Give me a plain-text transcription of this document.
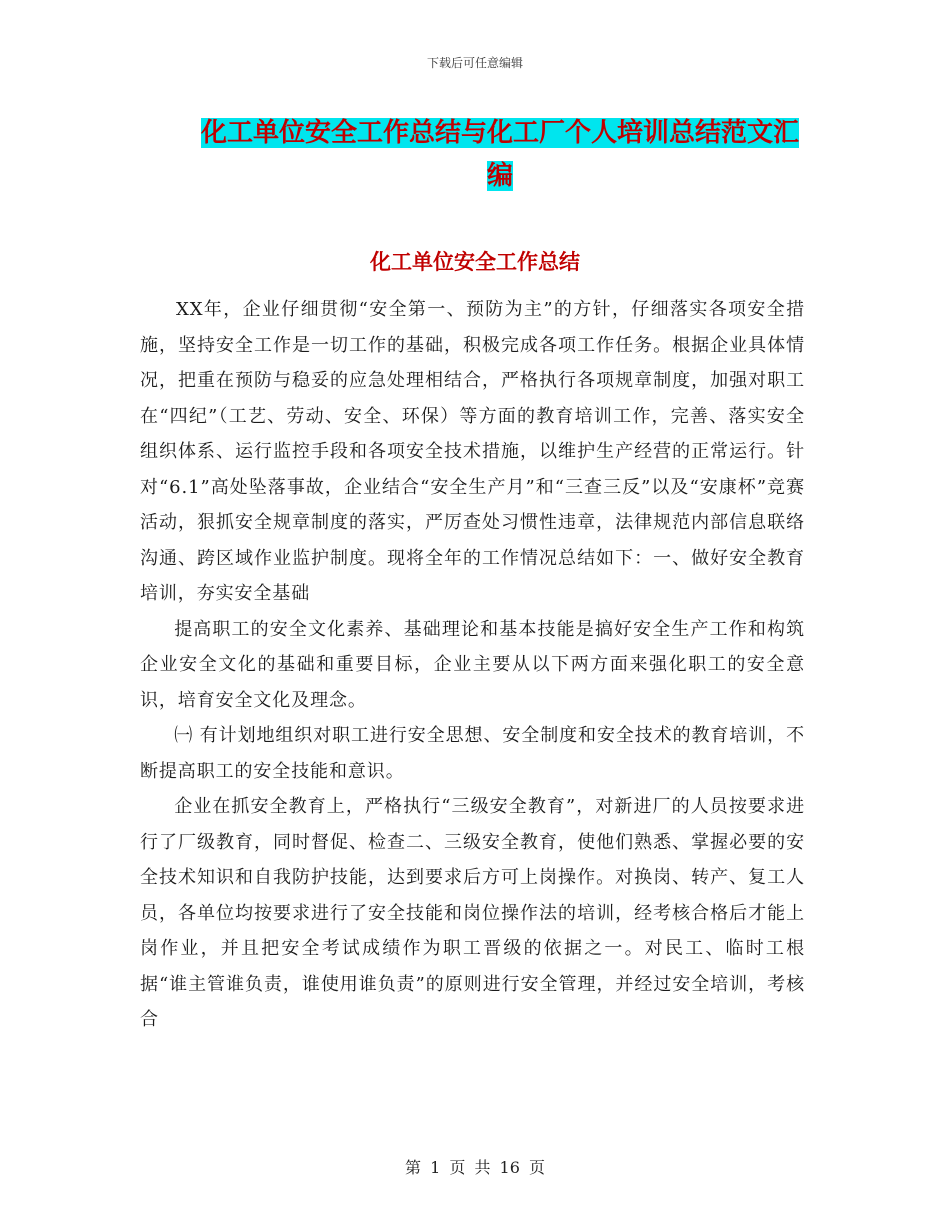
下载后可任意编辑
化工单位安全工作总结与化工厂个人培训总结范文汇编
化工单位安全工作总结

XX年，企业仔细贯彻“安全第一、预防为主”的方针，仔细落实各项安全措施，坚持安全工作是一切工作的基础，积极完成各项工作任务。根据企业具体情况，把重在预防与稳妥的应急处理相结合，严格执行各项规章制度，加强对职工在“四纪”（工艺、劳动、安全、环保）等方面的教育培训工作，完善、落实安全组织体系、运行监控手段和各项安全技术措施，以维护生产经营的正常运行。针对“6.1”高处坠落事故，企业结合“安全生产月”和“三查三反”以及“安康杯”竞赛活动，狠抓安全规章制度的落实，严厉查处习惯性违章，法律规范内部信息联络沟通、跨区域作业监护制度。现将全年的工作情况总结如下：一、做好安全教育培训，夯实安全基础

提高职工的安全文化素养、基础理论和基本技能是搞好安全生产工作和构筑企业安全文化的基础和重要目标，企业主要从以下两方面来强化职工的安全意识，培育安全文化及理念。

㈠ 有计划地组织对职工进行安全思想、安全制度和安全技术的教育培训，不断提高职工的安全技能和意识。

企业在抓安全教育上，严格执行“三级安全教育”，对新进厂的人员按要求进行了厂级教育，同时督促、检查二、三级安全教育，使他们熟悉、掌握必要的安全技术知识和自我防护技能，达到要求后方可上岗操作。对换岗、转产、复工人员，各单位均按要求进行了安全技能和岗位操作法的培训，经考核合格后才能上岗作业，并且把安全考试成绩作为职工晋级的依据之一。对民工、临时工根据“谁主管谁负责，谁使用谁负责”的原则进行安全管理，并经过安全培训，考核合

第 1 页 共 16 页
